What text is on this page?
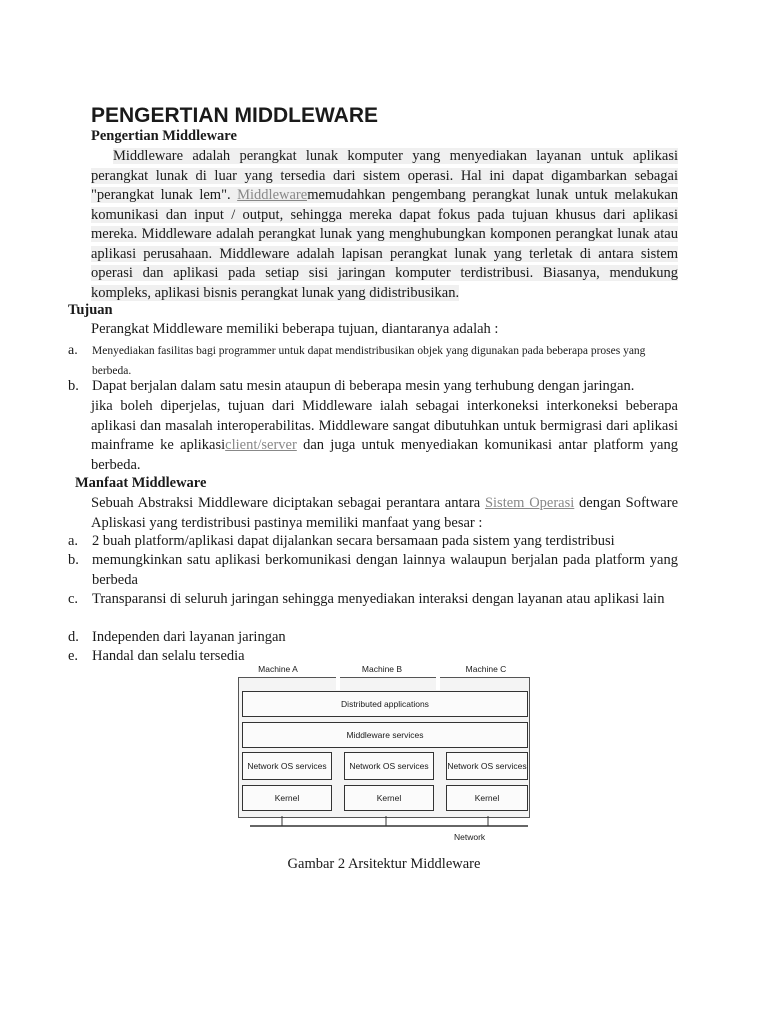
PENGERTIAN MIDDLEWARE
Pengertian Middleware

Middleware adalah perangkat lunak komputer yang menyediakan layanan untuk aplikasi perangkat lunak di luar yang tersedia dari sistem operasi. Hal ini dapat digambarkan sebagai "perangkat lunak lem". Middlewarememudahkan pengembang perangkat lunak untuk melakukan komunikasi dan input / output, sehingga mereka dapat fokus pada tujuan khusus dari aplikasi mereka. Middleware adalah perangkat lunak yang menghubungkan komponen perangkat lunak atau aplikasi perusahaan. Middleware adalah lapisan perangkat lunak yang terletak di antara sistem operasi dan aplikasi pada setiap sisi jaringan komputer terdistribusi. Biasanya, mendukung kompleks, aplikasi bisnis perangkat lunak yang didistribusikan.

Tujuan
Perangkat Middleware memiliki beberapa tujuan, diantaranya adalah :
a. Menyediakan fasilitas bagi programmer untuk dapat mendistribusikan objek yang digunakan pada beberapa proses yang berbeda.
b. Dapat berjalan dalam satu mesin ataupun di beberapa mesin yang terhubung dengan jaringan.

jika boleh diperjelas, tujuan dari Middleware ialah sebagai interkoneksi interkoneksi beberapa aplikasi dan masalah interoperabilitas. Middleware sangat dibutuhkan untuk bermigrasi dari aplikasi mainframe ke aplikasiclient/server dan juga untuk menyediakan komunikasi antar platform yang berbeda.

Manfaat Middleware

Sebuah Abstraksi Middleware diciptakan sebagai perantara antara Sistem Operasi dengan Software Apliskasi yang terdistribusi pastinya memiliki manfaat yang besar :

a. 2 buah platform/aplikasi dapat dijalankan secara bersamaan pada sistem yang terdistribusi
b. memungkinkan satu aplikasi berkomunikasi dengan lainnya walaupun berjalan pada platform yang berbeda
c. Transparansi di seluruh jaringan sehingga menyediakan interaksi dengan layanan atau aplikasi lain
d. Independen dari layanan jaringan
e. Handal dan selalu tersedia
Machine A	Machine B	Machine C
Distributed applications
Middleware services
Network OS services	Network OS services	Network OS services
Kernel	Kernel	Kernel
Network
Gambar 2 Arsitektur Middleware
